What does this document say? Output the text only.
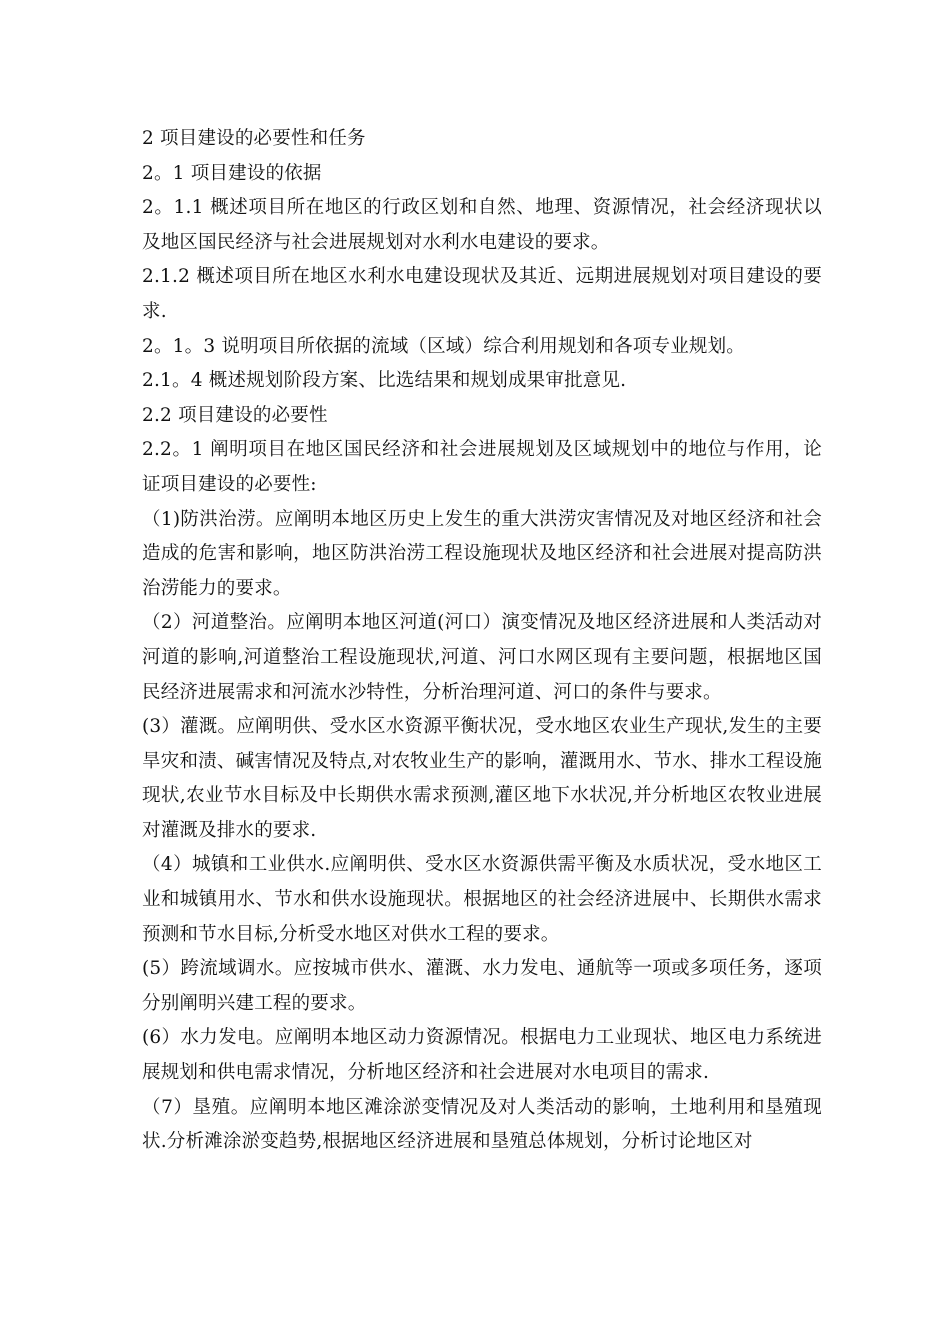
2 项目建设的必要性和任务

2。1 项目建设的依据

2。1.1 概述项目所在地区的行政区划和自然、地理、资源情况，社会经济现状以及地区国民经济与社会进展规划对水利水电建设的要求。

2.1.2 概述项目所在地区水利水电建设现状及其近、远期进展规划对项目建设的要求.

2。1。3 说明项目所依据的流域（区域）综合利用规划和各项专业规划。

2.1。4 概述规划阶段方案、比选结果和规划成果审批意见.

2.2 项目建设的必要性

2.2。1 阐明项目在地区国民经济和社会进展规划及区域规划中的地位与作用，论证项目建设的必要性:

（1)防洪治涝。应阐明本地区历史上发生的重大洪涝灾害情况及对地区经济和社会造成的危害和影响，地区防洪治涝工程设施现状及地区经济和社会进展对提高防洪治涝能力的要求。

（2）河道整治。应阐明本地区河道(河口）演变情况及地区经济进展和人类活动对河道的影响,河道整治工程设施现状,河道、河口水网区现有主要问题，根据地区国民经济进展需求和河流水沙特性，分析治理河道、河口的条件与要求。

(3）灌溉。应阐明供、受水区水资源平衡状况，受水地区农业生产现状,发生的主要旱灾和渍、碱害情况及特点,对农牧业生产的影响，灌溉用水、节水、排水工程设施现状,农业节水目标及中长期供水需求预测,灌区地下水状况,并分析地区农牧业进展对灌溉及排水的要求.

（4）城镇和工业供水.应阐明供、受水区水资源供需平衡及水质状况，受水地区工业和城镇用水、节水和供水设施现状。根据地区的社会经济进展中、长期供水需求预测和节水目标,分析受水地区对供水工程的要求。

(5）跨流域调水。应按城市供水、灌溉、水力发电、通航等一项或多项任务，逐项分别阐明兴建工程的要求。

(6）水力发电。应阐明本地区动力资源情况。根据电力工业现状、地区电力系统进展规划和供电需求情况，分析地区经济和社会进展对水电项目的需求.

（7）垦殖。应阐明本地区滩涂淤变情况及对人类活动的影响，土地利用和垦殖现状.分析滩涂淤变趋势,根据地区经济进展和垦殖总体规划，分析讨论地区对
